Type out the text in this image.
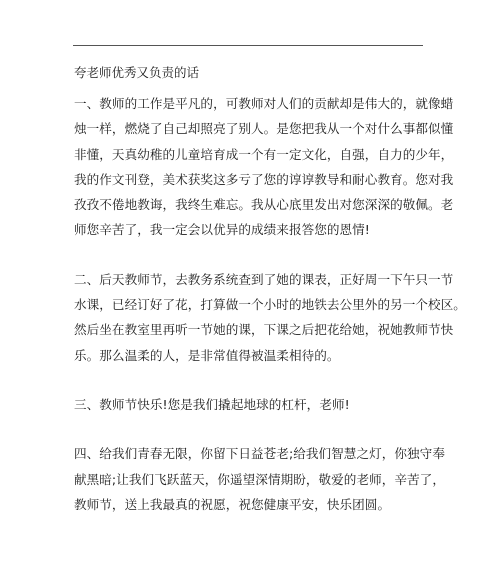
夸老师优秀又负责的话
一、教师的工作是平凡的，可教师对人们的贡献却是伟大的，就像蜡
烛一样，燃烧了自己却照亮了别人。是您把我从一个对什么事都似懂
非懂，天真幼稚的儿童培育成一个有一定文化，自强，自力的少年，
我的作文刊登，美术获奖这多亏了您的谆谆教导和耐心教育。您对我
孜孜不倦地教诲，我终生难忘。我从心底里发出对您深深的敬佩。老
师您辛苦了，我一定会以优异的成绩来报答您的恩情!
二、后天教师节，去教务系统查到了她的课表，正好周一下午只一节
水课，已经订好了花，打算做一个小时的地铁去公里外的另一个校区。
然后坐在教室里再听一节她的课，下课之后把花给她，祝她教师节快
乐。那么温柔的人，是非常值得被温柔相待的。
三、教师节快乐!您是我们撬起地球的杠杆，老师!
四、给我们青春无限，你留下日益苍老;给我们智慧之灯，你独守奉
献黑暗;让我们飞跃蓝天，你遥望深情期盼，敬爱的老师，辛苦了，
教师节，送上我最真的祝愿，祝您健康平安，快乐团圆。
